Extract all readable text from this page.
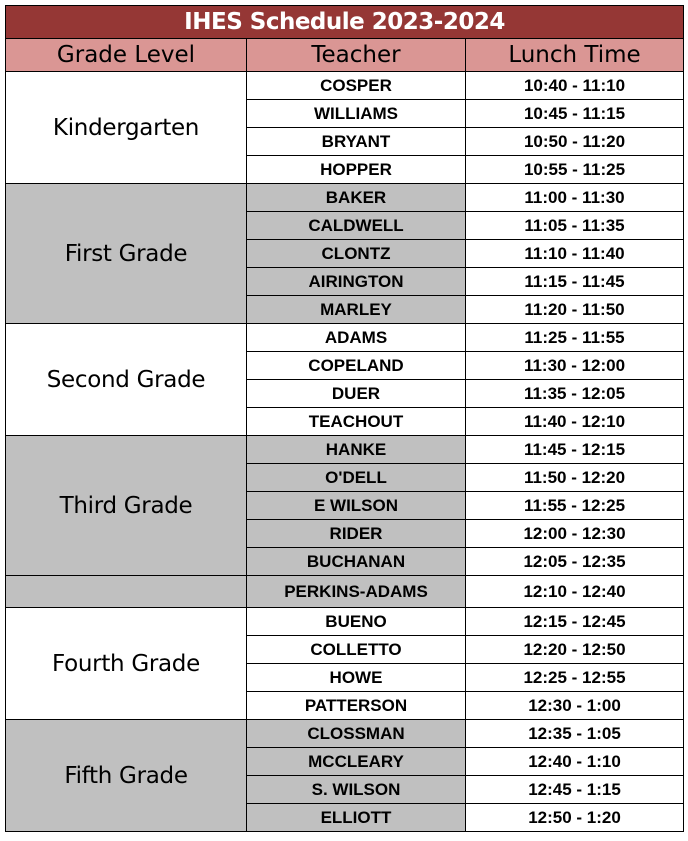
IHES Schedule 2023-2024		
Grade Level	Teacher	Lunch Time
Kindergarten	COSPER	10:40 - 11:10
	WILLIAMS	10:45 - 11:15
	BRYANT	10:50 - 11:20
	HOPPER	10:55 - 11:25
First Grade	BAKER	11:00 - 11:30
	CALDWELL	11:05 - 11:35
	CLONTZ	11:10 - 11:40
	AIRINGTON	11:15 - 11:45
	MARLEY	11:20 - 11:50
Second Grade	ADAMS	11:25 - 11:55
	COPELAND	11:30 - 12:00
	DUER	11:35 - 12:05
	TEACHOUT	11:40 - 12:10
Third Grade	HANKE	11:45 - 12:15
	O'DELL	11:50 - 12:20
	E WILSON	11:55 - 12:25
	RIDER	12:00 - 12:30
	BUCHANAN	12:05 - 12:35
	PERKINS-ADAMS	12:10 - 12:40
Fourth Grade	BUENO	12:15 - 12:45
	COLLETTO	12:20 - 12:50
	HOWE	12:25 - 12:55
	PATTERSON	12:30 - 1:00
Fifth Grade	CLOSSMAN	12:35 - 1:05
	MCCLEARY	12:40 - 1:10
	S. WILSON	12:45 - 1:15
	ELLIOTT	12:50 - 1:20
